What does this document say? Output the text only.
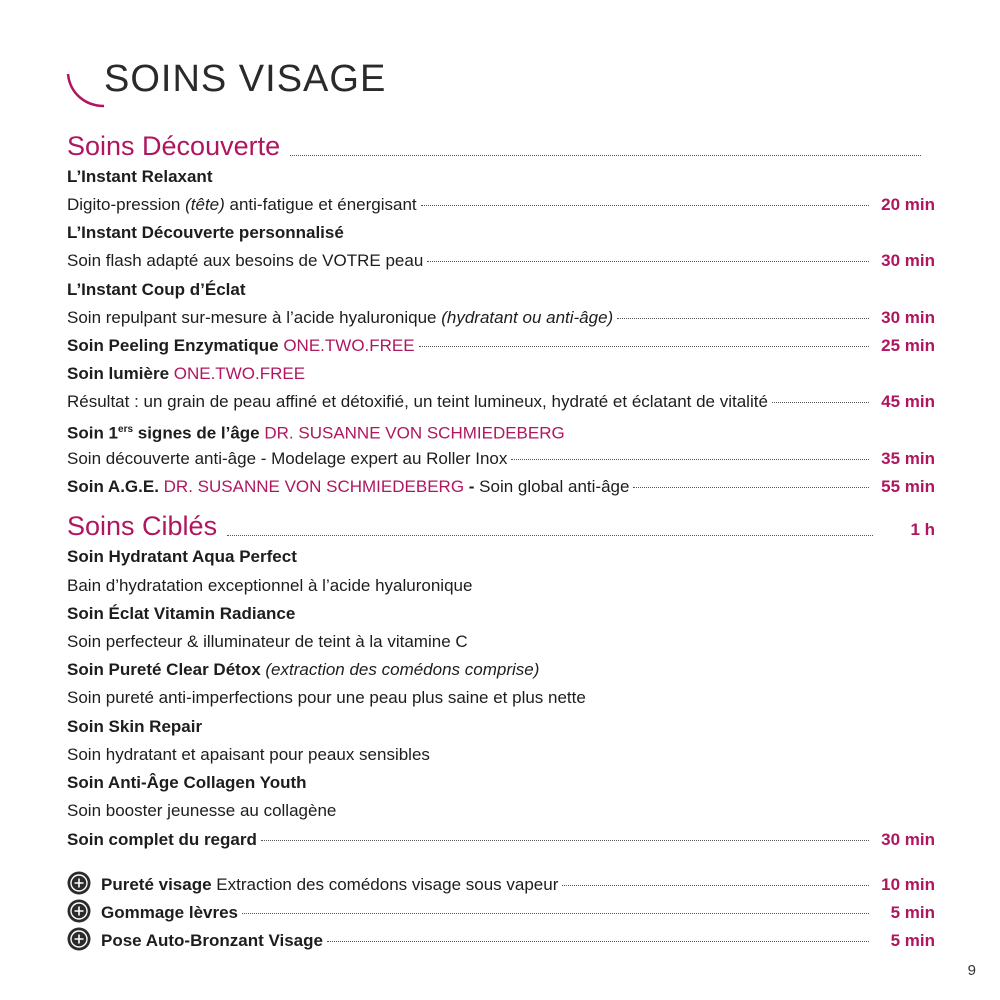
SOINS VISAGE
Soins Découverte
L’Instant Relaxant
Digito-pression (tête) anti-fatigue et énergisant	20 min
L’Instant Découverte personnalisé
Soin flash adapté aux besoins de VOTRE peau	30 min
L’Instant Coup d’Éclat
Soin repulpant sur-mesure à l’acide hyaluronique (hydratant ou anti-âge)	30 min
Soin Peeling Enzymatique ONE.TWO.FREE	25 min
Soin lumière ONE.TWO.FREE
Résultat : un grain de peau affiné et détoxifié, un teint lumineux, hydraté et éclatant de vitalité	45 min
Soin 1ers signes de l’âge DR. SUSANNE VON SCHMIEDEBERG
Soin découverte anti-âge - Modelage expert au Roller Inox	35 min
Soin A.G.E. DR. SUSANNE VON SCHMIEDEBERG - Soin global anti-âge	55 min
Soins Ciblés	1 h
Soin Hydratant Aqua Perfect
Bain d’hydratation exceptionnel à l’acide hyaluronique
Soin Éclat Vitamin Radiance
Soin perfecteur & illuminateur de teint à la vitamine C
Soin Pureté Clear Détox (extraction des comédons comprise)
Soin pureté anti-imperfections pour une peau plus saine et plus nette
Soin Skin Repair
Soin hydratant et apaisant pour peaux sensibles
Soin Anti-Âge Collagen Youth
Soin booster jeunesse au collagène
Soin complet du regard	30 min
Pureté visage Extraction des comédons visage sous vapeur	10 min
Gommage lèvres	5 min
Pose Auto-Bronzant Visage	5 min
9
